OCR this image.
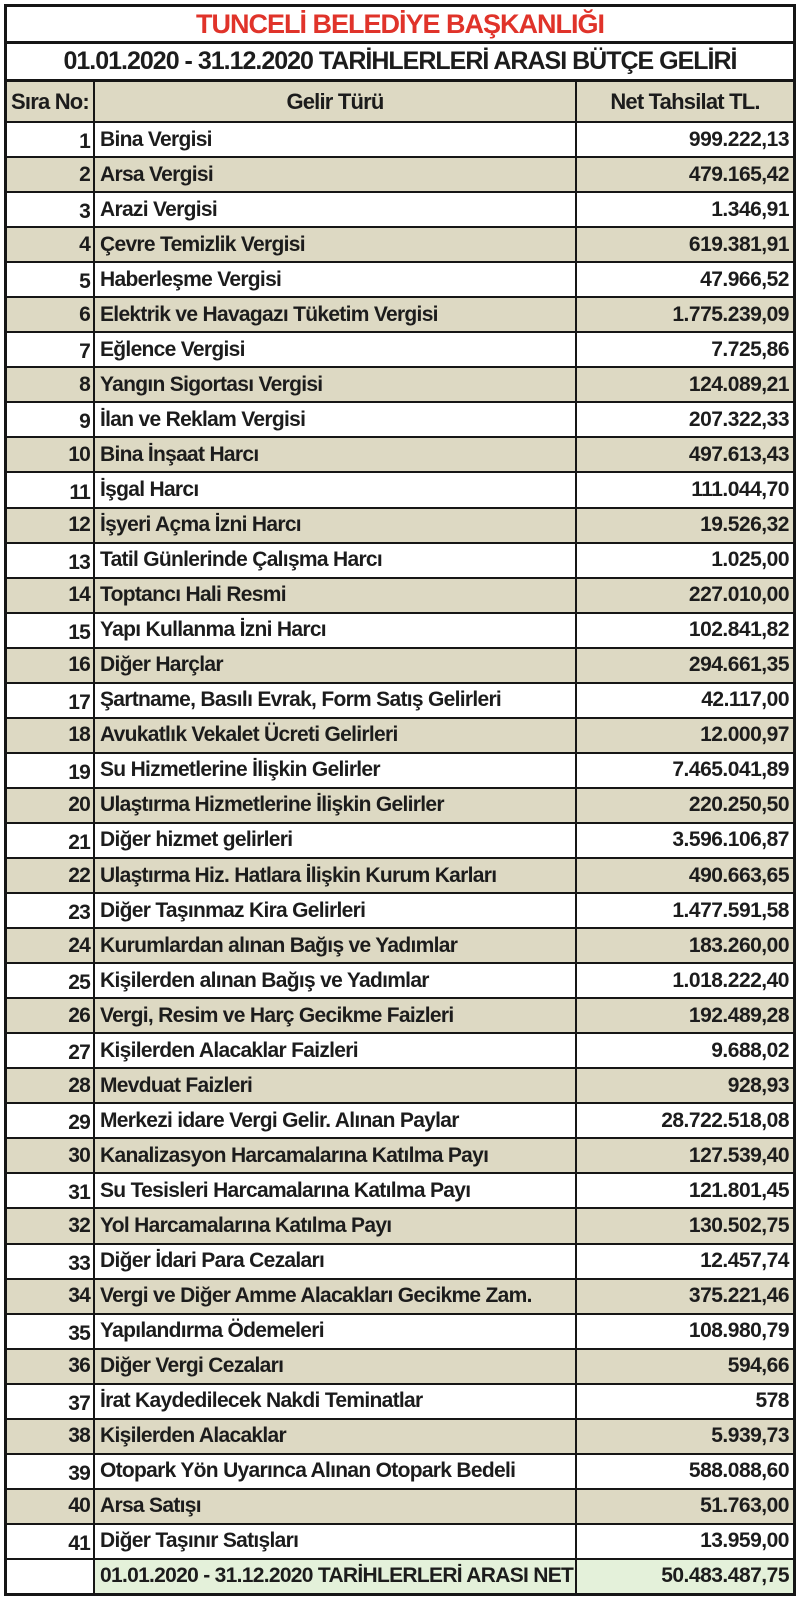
TUNCELİ BELEDİYE BAŞKANLIĞI
01.01.2020 - 31.12.2020 TARİHLERLERİ ARASI BÜTÇE GELİRİ
Sıra No:	Gelir Türü	Net Tahsilat TL.
1 Bina Vergisi	999.222,13
2 Arsa Vergisi	479.165,42
3 Arazi Vergisi	1.346,91
4 Çevre Temizlik Vergisi	619.381,91
5 Haberleşme Vergisi	47.966,52
6 Elektrik ve Havagazı Tüketim Vergisi	1.775.239,09
7 Eğlence Vergisi	7.725,86
8 Yangın Sigortası Vergisi	124.089,21
9 İlan ve Reklam Vergisi	207.322,33
10 Bina İnşaat Harcı	497.613,43
11 İşgal Harcı	111.044,70
12 İşyeri Açma İzni Harcı	19.526,32
13 Tatil Günlerinde Çalışma Harcı	1.025,00
14 Toptancı Hali Resmi	227.010,00
15 Yapı Kullanma İzni Harcı	102.841,82
16 Diğer Harçlar	294.661,35
17 Şartname, Basılı Evrak, Form Satış Gelirleri	42.117,00
18 Avukatlık Vekalet Ücreti Gelirleri	12.000,97
19 Su Hizmetlerine İlişkin Gelirler	7.465.041,89
20 Ulaştırma Hizmetlerine İlişkin Gelirler	220.250,50
21 Diğer hizmet gelirleri	3.596.106,87
22 Ulaştırma Hiz. Hatlara İlişkin Kurum Karları	490.663,65
23 Diğer Taşınmaz Kira Gelirleri	1.477.591,58
24 Kurumlardan alınan Bağış ve Yadımlar	183.260,00
25 Kişilerden alınan Bağış ve Yadımlar	1.018.222,40
26 Vergi, Resim ve Harç Gecikme Faizleri	192.489,28
27 Kişilerden Alacaklar Faizleri	9.688,02
28 Mevduat Faizleri	928,93
29 Merkezi idare Vergi Gelir. Alınan Paylar	28.722.518,08
30 Kanalizasyon Harcamalarına Katılma Payı	127.539,40
31 Su Tesisleri Harcamalarına Katılma Payı	121.801,45
32 Yol Harcamalarına Katılma Payı	130.502,75
33 Diğer İdari Para Cezaları	12.457,74
34 Vergi ve Diğer Amme Alacakları Gecikme Zam.	375.221,46
35 Yapılandırma Ödemeleri	108.980,79
36 Diğer Vergi Cezaları	594,66
37 İrat Kaydedilecek Nakdi Teminatlar	578
38 Kişilerden Alacaklar	5.939,73
39 Otopark Yön Uyarınca Alınan Otopark Bedeli	588.088,60
40 Arsa Satışı	51.763,00
41 Diğer Taşınır Satışları	13.959,00
01.01.2020 - 31.12.2020 TARİHLERLERİ ARASI NET	50.483.487,75
